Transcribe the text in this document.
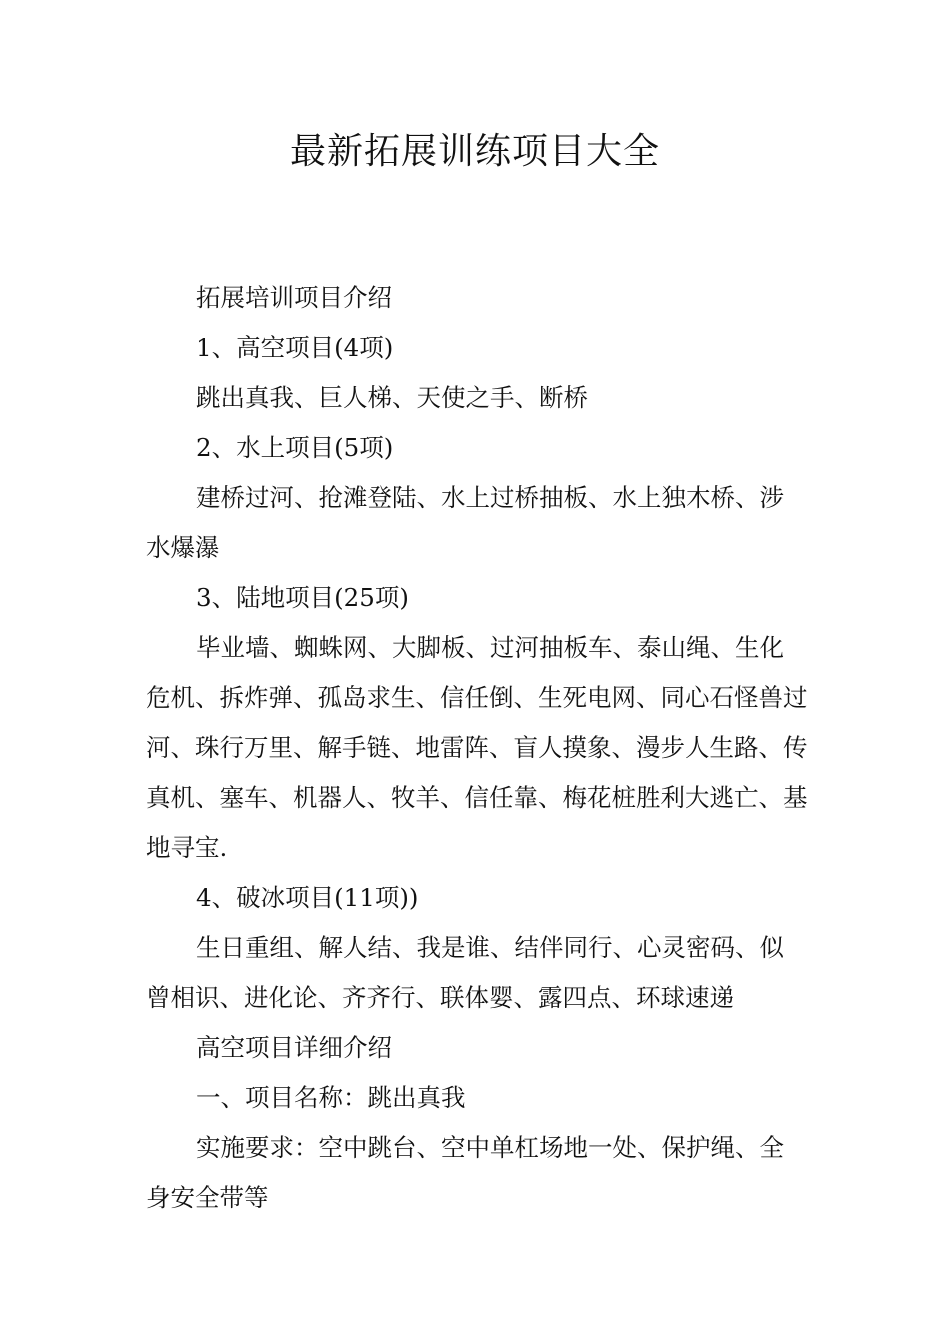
最新拓展训练项目大全

拓展培训项目介绍

1、高空项目(4项)

跳出真我、巨人梯、天使之手、断桥

2、水上项目(5项)

建桥过河、抢滩登陆、水上过桥抽板、水上独木桥、涉水爆瀑

3、陆地项目(25项)

毕业墙、蜘蛛网、大脚板、过河抽板车、泰山绳、生化危机、拆炸弹、孤岛求生、信任倒、生死电网、同心石怪兽过河、珠行万里、解手链、地雷阵、盲人摸象、漫步人生路、传真机、塞车、机器人、牧羊、信任靠、梅花桩胜利大逃亡、基地寻宝.

4、破冰项目(11项))

生日重组、解人结、我是谁、结伴同行、心灵密码、似曾相识、进化论、齐齐行、联体婴、露四点、环球速递

高空项目详细介绍

一、项目名称：跳出真我

实施要求：空中跳台、空中单杠场地一处、保护绳、全身安全带等
